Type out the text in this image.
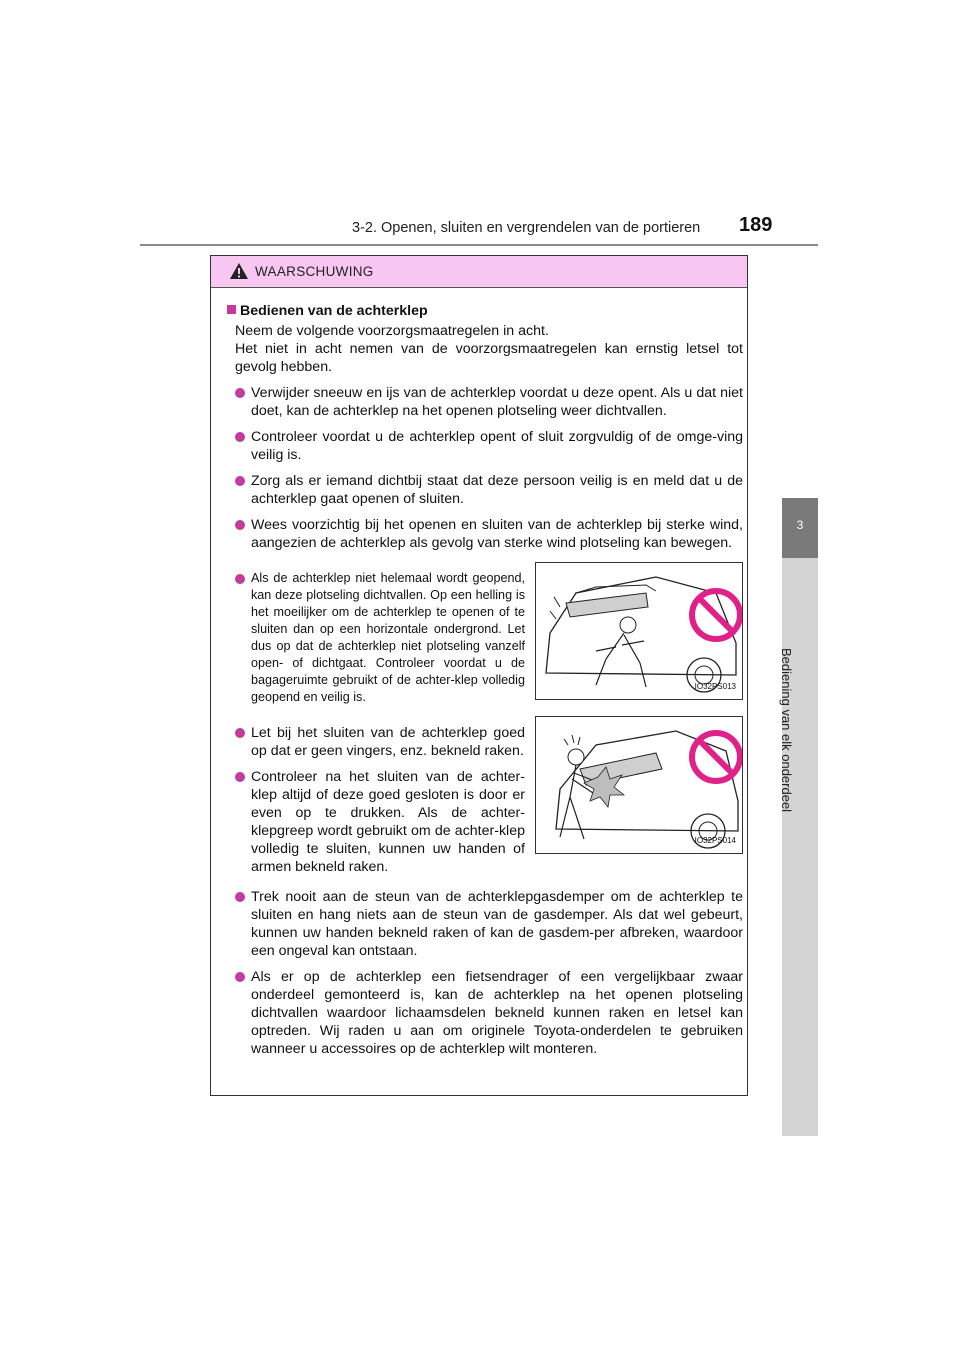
3-2. Openen, sluiten en vergrendelen van de portieren 189
3
Bediening van elk onderdeel
WAARSCHUWING
Bedienen van de achterklep

Neem de volgende voorzorgsmaatregelen in acht.

Het niet in acht nemen van de voorzorgsmaatregelen kan ernstig letsel tot gevolg hebben.

Verwijder sneeuw en ijs van de achterklep voordat u deze opent. Als u dat niet doet, kan de achterklep na het openen plotseling weer dichtvallen.
Controleer voordat u de achterklep opent of sluit zorgvuldig of de omge-ving veilig is.
Zorg als er iemand dichtbij staat dat deze persoon veilig is en meld dat u de achterklep gaat openen of sluiten.
Wees voorzichtig bij het openen en sluiten van de achterklep bij sterke wind, aangezien de achterklep als gevolg van sterke wind plotseling kan bewegen.
Als de achterklep niet helemaal wordt geopend, kan deze plotseling dichtvallen. Op een helling is het moeilijker om de achterklep te openen of te sluiten dan op een horizontale ondergrond. Let dus op dat de achterklep niet plotseling vanzelf open- of dichtgaat. Controleer voordat u de bagageruimte gebruikt of de achter-klep volledig geopend en veilig is.
IO32PS013
Let bij het sluiten van de achterklep goed op dat er geen vingers, enz. bekneld raken.
Controleer na het sluiten van de achter-klep altijd of deze goed gesloten is door er even op te drukken. Als de achter-klepgreep wordt gebruikt om de achter-klep volledig te sluiten, kunnen uw handen of armen bekneld raken.
IO32PS014
Trek nooit aan de steun van de achterklepgasdemper om de achterklep te sluiten en hang niets aan de steun van de gasdemper. Als dat wel gebeurt, kunnen uw handen bekneld raken of kan de gasdem-per afbreken, waardoor een ongeval kan ontstaan.
Als er op de achterklep een fietsendrager of een vergelijkbaar zwaar onderdeel gemonteerd is, kan de achterklep na het openen plotseling dichtvallen waardoor lichaamsdelen bekneld kunnen raken en letsel kan optreden. Wij raden u aan om originele Toyota-onderdelen te gebruiken wanneer u accessoires op de achterklep wilt monteren.
